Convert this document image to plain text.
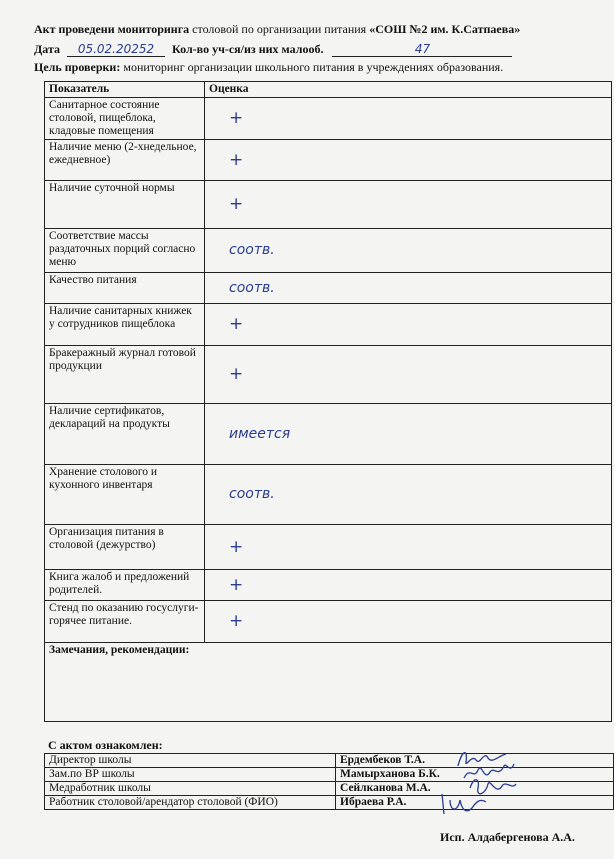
Акт проведени мониторинга столовой по организации питания «СОШ №2 им. К.Сатпаева»
Дата 05.02.20252 Кол-во уч-ся/из них малооб.	47
Цель проверки: мониторинг организации школьного питания в учреждениях образования.
Показатель	Оценка
Санитарное состояние столовой, пищеблока, кладовые помещения	+
Наличие меню (2-хнедельное, ежедневное)	+
Наличие суточной нормы	+
Соответствие массы раздаточных порций согласно меню	соотв.
Качество питания	соотв.
Наличие санитарных книжек у сотрудников пищеблока	+
Бракеражный журнал готовой продукции	+
Наличие сертификатов, деклараций на продукты	имеется
Хранение столового и кухонного инвентаря	соотв.
Организация питания в столовой (дежурство)	+
Книга жалоб и предложений родителей.	+
Стенд по оказанию госуслуги-горячее питание.	+
Замечания, рекомендации:	
С актом ознакомлен:
Директор школы	Ердембеков Т.А.

Зам.по ВР школы	Мамырханова Б.К.

Медработник школы	Сейлканова М.А.

Работник столовой/арендатор столовой (ФИО)	Ибраева Р.А.
Исп. Алдабергенова А.А.
